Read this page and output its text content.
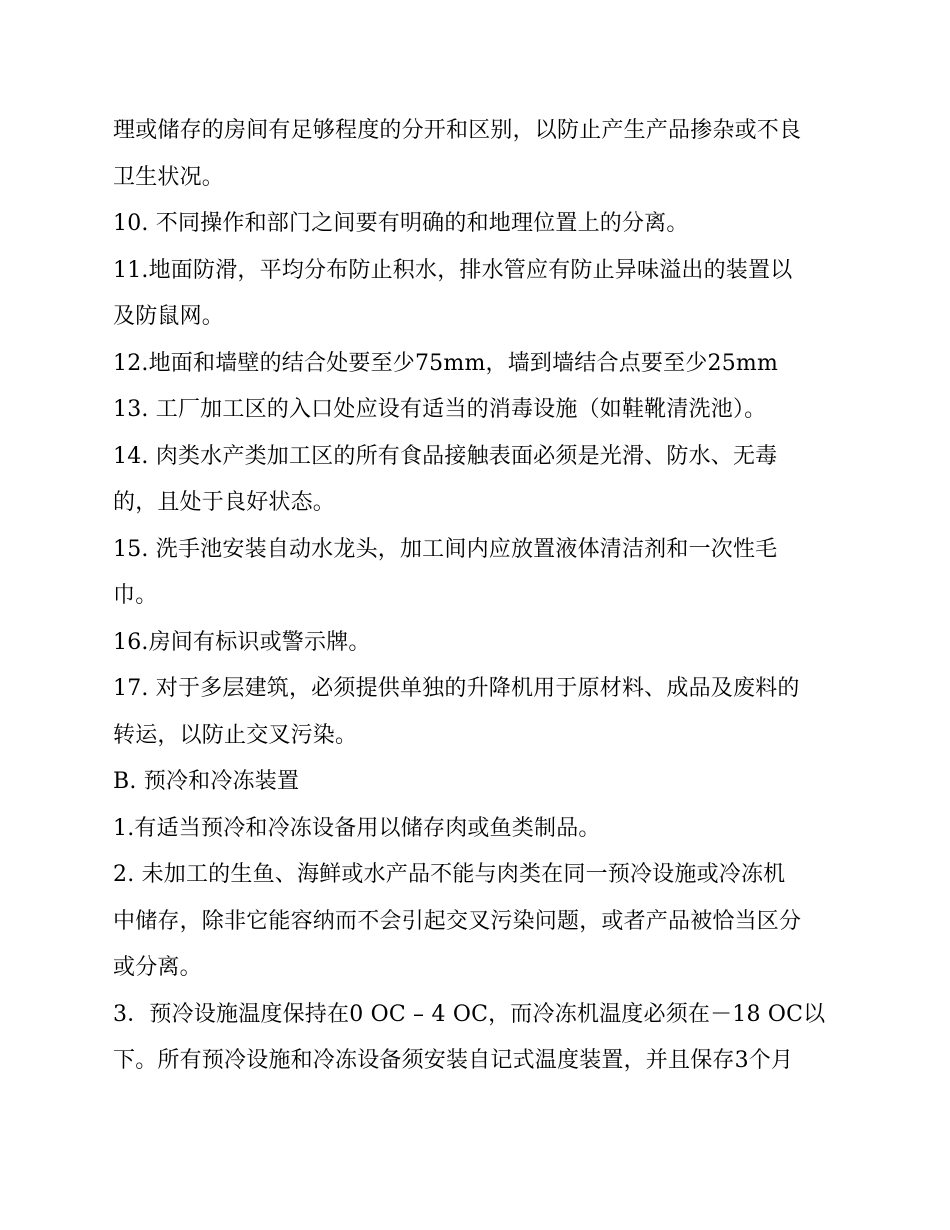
理或储存的房间有足够程度的分开和区别，以防止产生产品掺杂或不良
卫生状况。
10. 不同操作和部门之间要有明确的和地理位置上的分离。
11.地面防滑，平均分布防止积水，排水管应有防止异味溢出的装置以
及防鼠网。
12.地面和墙壁的结合处要至少75mm，墙到墙结合点要至少25mm
13. 工厂加工区的入口处应设有适当的消毒设施（如鞋靴清洗池）。
14. 肉类水产类加工区的所有食品接触表面必须是光滑、防水、无毒
的，且处于良好状态。
15. 洗手池安装自动水龙头，加工间内应放置液体清洁剂和一次性毛
巾。
16.房间有标识或警示牌。
17. 对于多层建筑，必须提供单独的升降机用于原材料、成品及废料的
转运，以防止交叉污染。
B. 预冷和冷冻装置
1.有适当预冷和冷冻设备用以储存肉或鱼类制品。
2. 未加工的生鱼、海鲜或水产品不能与肉类在同一预冷设施或冷冻机
中储存，除非它能容纳而不会引起交叉污染问题，或者产品被恰当区分
或分离。
3．预冷设施温度保持在0 OC – 4 OC，而冷冻机温度必须在－18 OC以
下。所有预冷设施和冷冻设备须安装自记式温度装置，并且保存3个月
